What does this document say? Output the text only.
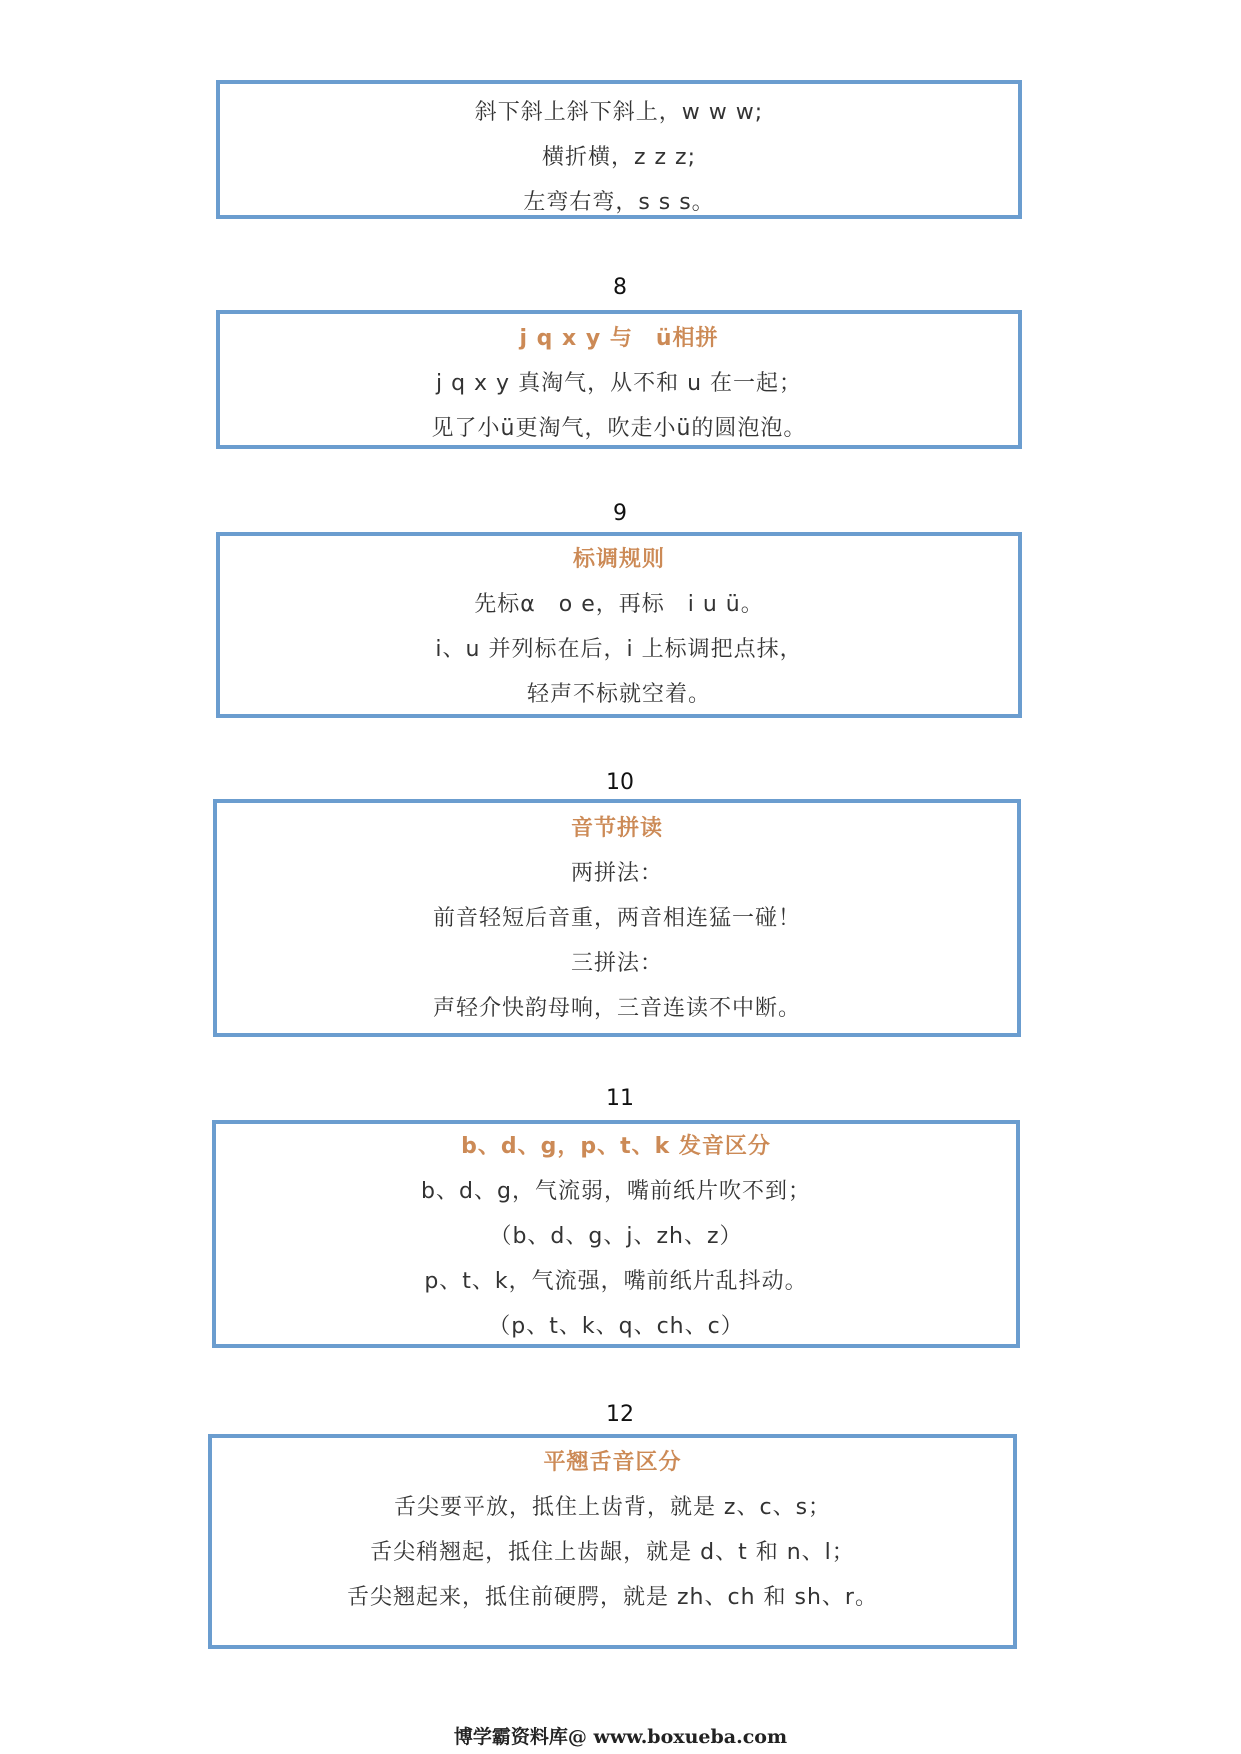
斜下斜上斜下斜上，w w w;
横折横，z z z;
左弯右弯，s s s。
8
j q x y 与　ü相拼
j q x y 真淘气，从不和 u 在一起；
见了小ü更淘气，吹走小ü的圆泡泡。
9
标调规则
先标α　o e，再标　i u ü。
i、u 并列标在后，i 上标调把点抹，
轻声不标就空着。
10
音节拼读
两拼法：
前音轻短后音重，两音相连猛一碰！
三拼法：
声轻介快韵母响，三音连读不中断。
11
b、d、g，p、t、k 发音区分
b、d、g，气流弱，嘴前纸片吹不到；
（b、d、g、j、zh、z）
p、t、k，气流强，嘴前纸片乱抖动。
（p、t、k、q、ch、c）
12
平翘舌音区分
舌尖要平放，抵住上齿背，就是 z、c、s；
舌尖稍翘起，抵住上齿龈，就是 d、t 和 n、l；
舌尖翘起来，抵住前硬腭，就是 zh、ch 和 sh、r。
博学霸资料库@ www.boxueba.com
